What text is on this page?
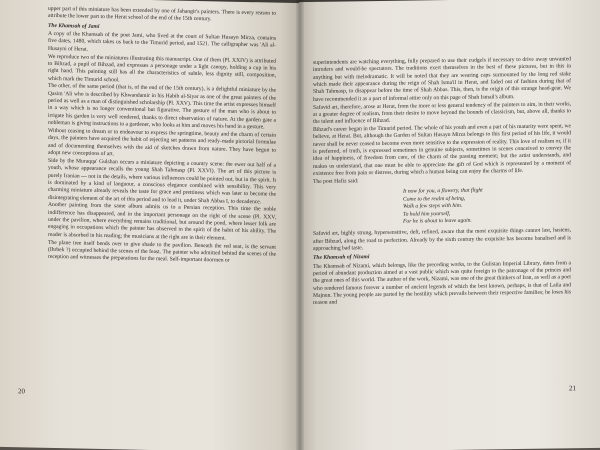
upper part of this miniature has been extended by one of Jahangir's painters. There is every reason to attribute the lower part to the Herat school of the end of the 15th century.

The Khamsah of Jami

A copy of the Khamsah of the poet Jami, who lived at the court of Sultan Husayn Mirza, contains five dates, 1480, which takes us back to the Timurid period, and 1521. The calligrapher was 'Ali al-Husayni of Herat.

We reproduce two of the miniatures illustrating this manuscript. One of them (Pl. XXIV) is attributed to Bihzad, a pupil of Bihzad, and expresses a personage under a light canopy, holding a cup in his right hand. This painting still has all the characteristics of subtle, less dignity still, composition, which mark the Timurid school.

The other, of the same period (that is, of the end of the 15th century), is a delightful miniature by the Qasim 'Ali who is described by Khwandamir in his Habib al-Siyar as one of the great painters of the period as well as a man of distinguished scholarship (Pl. XXV). This time the artist expresses himself in a way which is no longer conventional but figurative. The gesture of the man who is about to irrigate his garden is very well rendered, thanks to direct observation of nature. At the garden gate a nobleman is giving instructions to a gardener, who looks at him and moves his hand in a gesture.

Without ceasing to dream or to endeavour to express the springtime, beauty and the charm of certain days, the painters have acquired the habit of rejecting set patterns and ready-made pictorial formulae and of documenting themselves with the aid of sketches drawn from nature. They have begun to adopt new conceptions of art.

Side by the Muraqqa' Gulshan occurs a miniature depicting a country scene: the ewer out half of a youth, whose appearance recalls the young Shah Tahmasp (Pl. XXVI). The art of this picture is purely Iranian — not in the details, where various influences could be pointed out, but in the spirit. It is dominated by a kind of languour, a conscious elegance combined with sensibility. This very charming miniature already reveals the taste for grace and prettiness which was later to become the disintegrating element of the art of this period and to lead it, under Shah Abbas I, to decadence.

Another painting from the same album admits us to a Persian reception. This time the noble indifference has disappeared, and in the important personage on the right of the scene (Pl. XXV, under the pavilion, where everything remains traditional, but around the pond, where lesser folk are engaging in occupations which the painter has observed in the spirit of the habit of his ability. The reader is absorbed in his reading; the musicians at the right are in their element.

The plane tree itself bends over to give shade to the pavilion. Beneath the red seat, is the servant (Ihrbek ?) occupied behind the scenes of the feast. The painter who admitted behind the scenes of the reception and witnesses the preparations for the meal. Self-important doormen or

20

superintendents are watching everything, fully prepared to use their cudgels if necessary to drive away unwanted intruders and would-be spectators. The traditions exert themselves in the best of these pictures, but in this in anything but with melodramatic. It will be noted that they are wearing caps surmounted by the long red stake which made their appearance during the reign of Shah Isma'il in Herat, and faded out of fashion during that of Shah Tahmasp, to disappear before the time of Shah Abbas. This, then, is the origin of this strange head-gear. We have recommended it as a part of informal attire only on this page of Shah Ismail's album.

Safavid art, therefore, arose at Herat, from the more or less general tendency of the painters to aim, in their works, at a greater degree of realism, from their desire to move beyond the bounds of classicism, but, above all, thanks to the talent and influence of Bihzad.

Bihzad's career began in the Timurid period. The whole of his youth and even a part of his maturity were spent, we believe, at Herat. But, although the Garden of Sultan Husayn Mirza belongs to this first period of his life, it would never shall be never ceased to become even more sensitive to the expression of reality. This love of realism or, if it is preferred, of truth, is expressed sometimes in genuine subjects, sometimes in scenes conceived to convey the idea of happiness, of freedom from care, of the charm of the passing moment; but the artist understands, and makes us understand, that one must be able to appreciate the gift of God which is represented by a moment of existence free from pain or distress, during which a human being can enjoy the charms of life.

The poet Hafiz said:

It now for you, a flowery, that flight
Come to the realm of being,
Walk a few steps with him.
To hold him yourself,
For he is about to leave again.

Safavid art, highly strung, hypersensitive, deft, refined, aware that the most exquisite things cannot last, hastens, after Bihzad, along the road to perfection. Already by the sixth century the exquisite has become banalised and is approaching bad taste.

The Khamsah of Nizami

The Khamsah of Nizami, which belongs, like the preceding works, to the Gulistan Imperial Library, dates from a period of abundant production aimed at a vast public which was quite foreign to the patronage of the princes and the great ones of this world. The author of the work, Nizami, was one of the great thinkers of Iran, as well as a poet who rendered famous forever a number of ancient legends of which the best known, perhaps, is that of Laila and Majnun. The young people are parted by the hostility which prevails between their respective families; he loses his reason and

21
